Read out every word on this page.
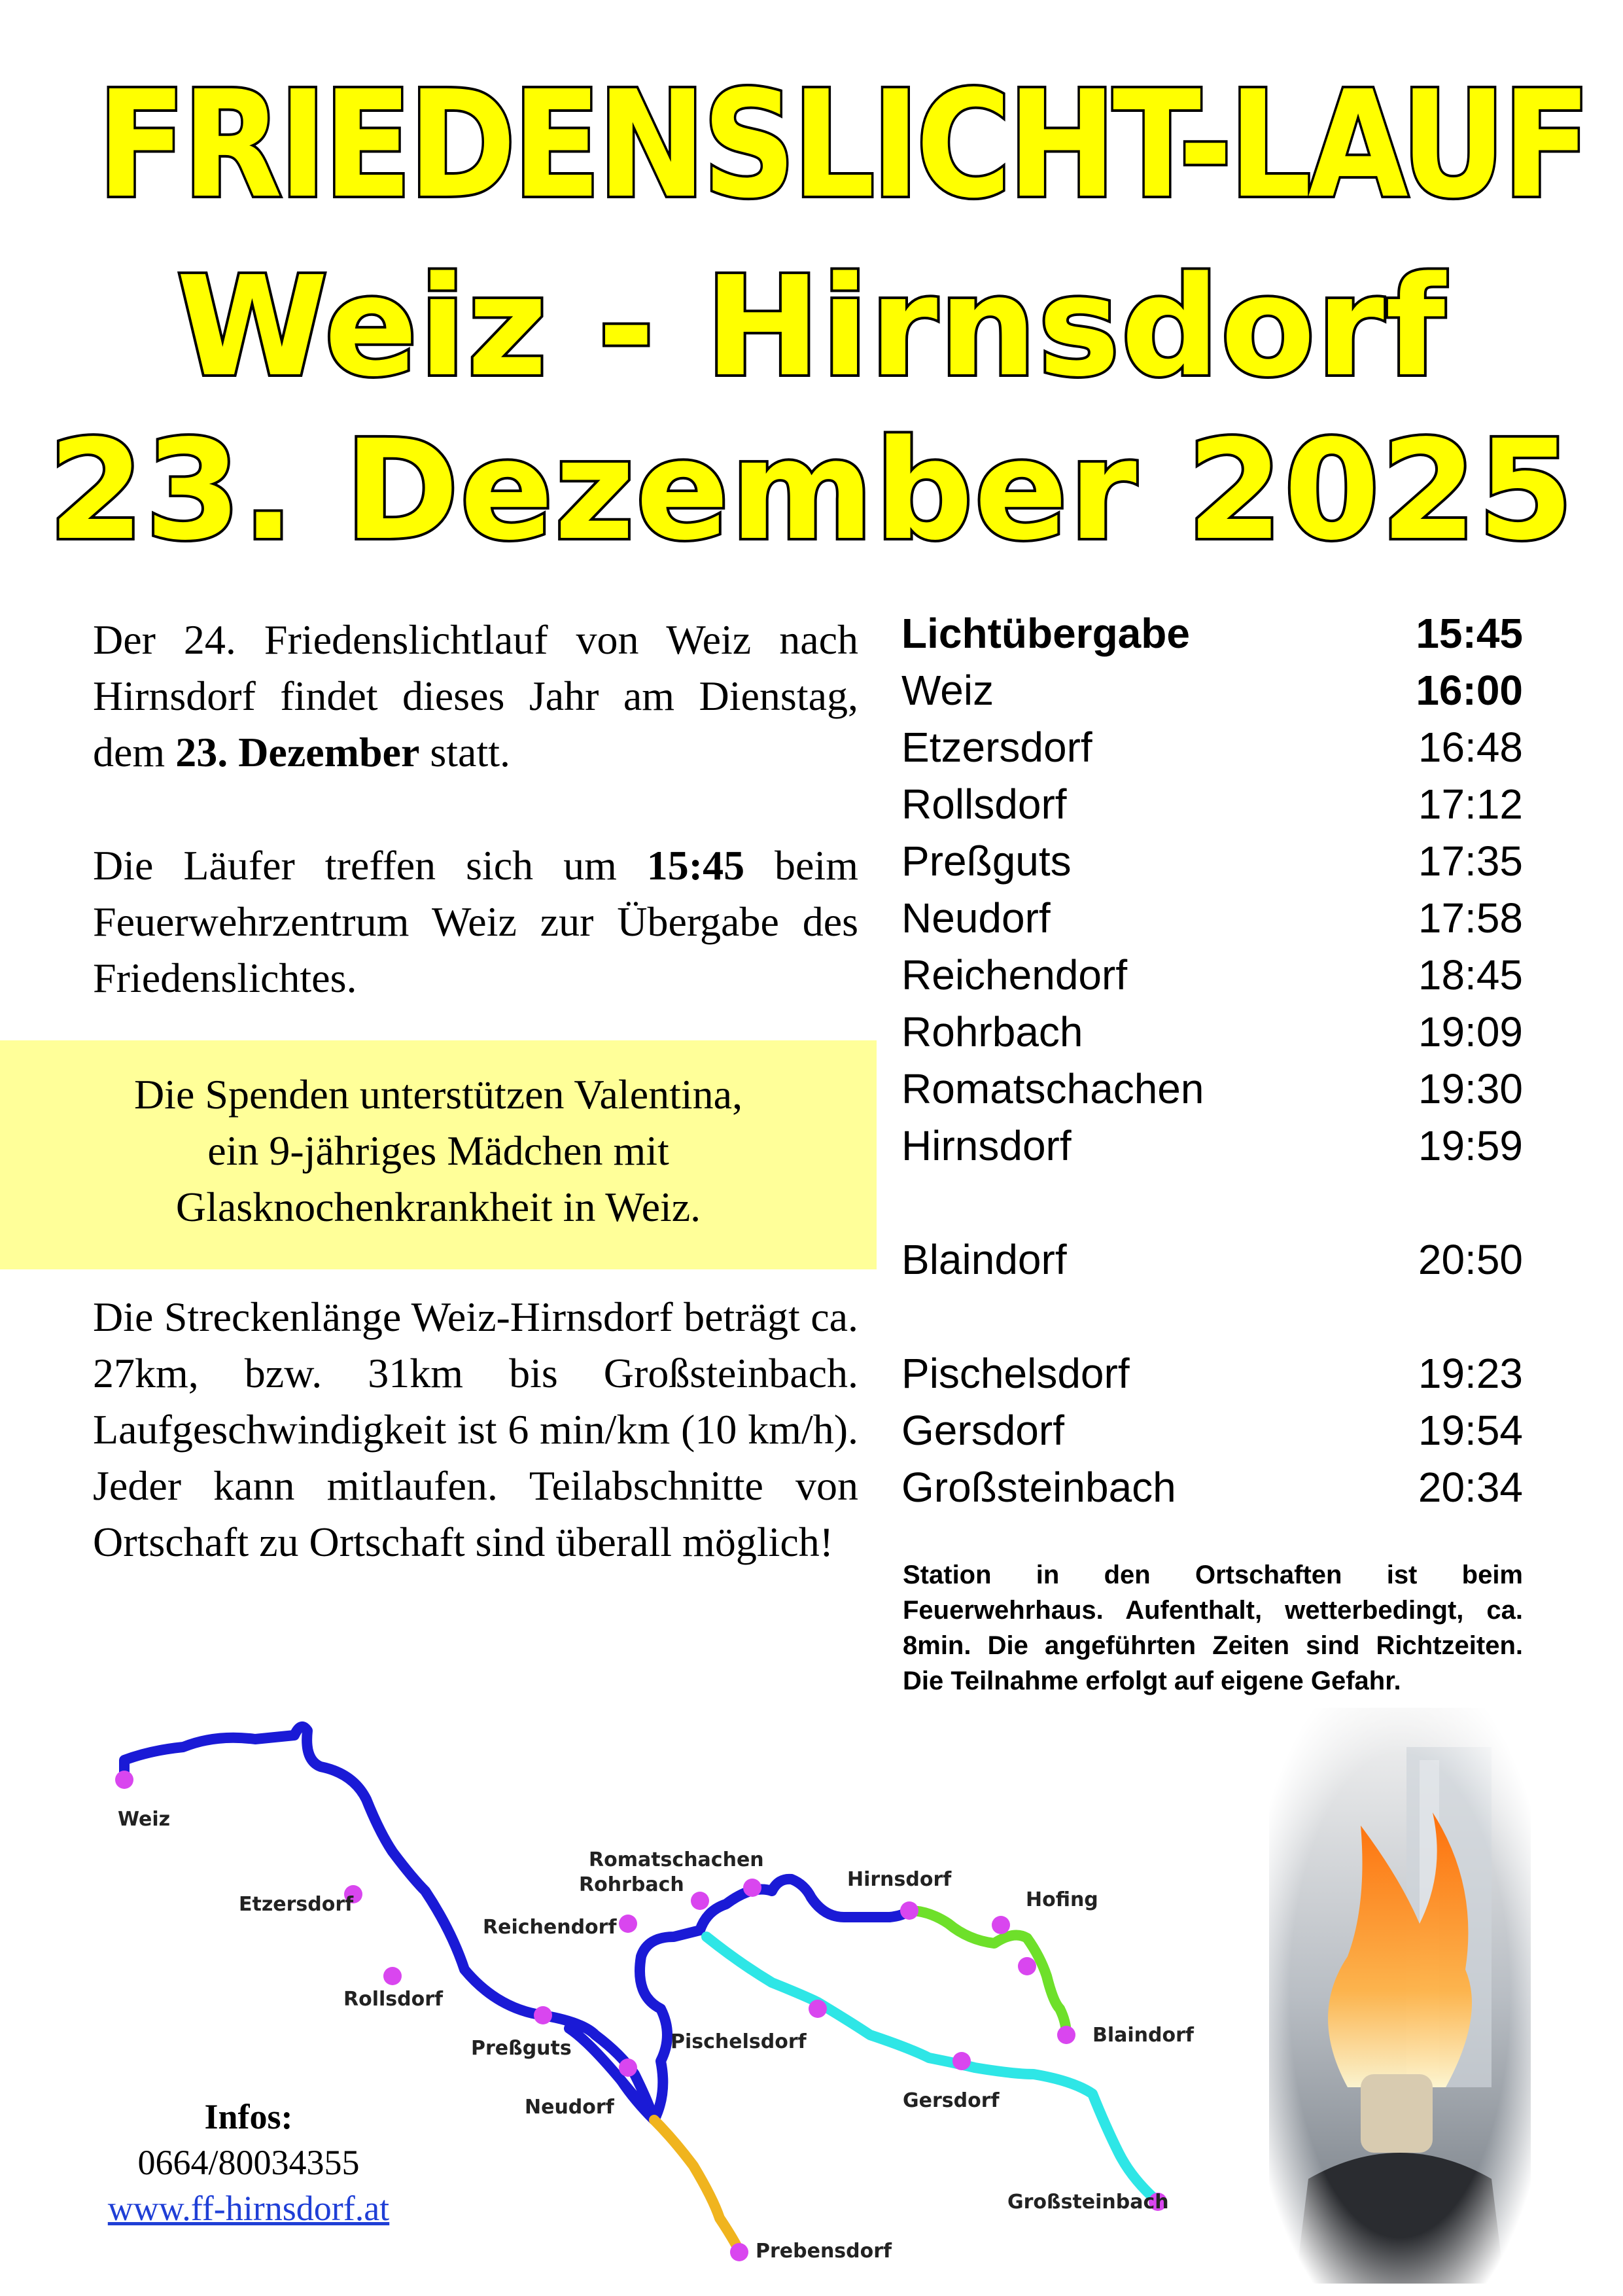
FRIEDENSLICHT-LAUF
Weiz - Hirnsdorf
23. Dezember 2025
Der 24. Friedenslichtlauf von Weiz nach Hirnsdorf findet dieses Jahr am Dienstag, dem 23. Dezember statt.
Die Läufer treffen sich um 15:45 beim Feuerwehrzentrum Weiz zur Übergabe des Friedenslichtes.
Die Spenden unterstützen Valentina,
ein 9-jähriges Mädchen mit
Glasknochenkrankheit in Weiz.
Die Streckenlänge Weiz-Hirnsdorf beträgt ca. 27km, bzw. 31km bis Großsteinbach. Laufgeschwindigkeit ist 6 min/km (10 km/h). Jeder kann mitlaufen. Teilabschnitte von Ortschaft zu Ortschaft sind überall möglich!
Lichtübergabe	15:45
Weiz	16:00
Etzersdorf	16:48
Rollsdorf	17:12
Preßguts	17:35
Neudorf	17:58
Reichendorf	18:45
Rohrbach	19:09
Romatschachen	19:30
Hirnsdorf	19:59
Blaindorf	20:50
Pischelsdorf	19:23
Gersdorf	19:54
Großsteinbach	20:34
Station in den Ortschaften ist beim Feuerwehrhaus. Aufenthalt, wetterbedingt, ca. 8min. Die angeführten Zeiten sind Richtzeiten. Die Teilnahme erfolgt auf eigene Gefahr.
Weiz
Etzersdorf
Rollsdorf
Preßguts
Neudorf
Prebensdorf
Reichendorf
Rohrbach
Romatschachen
Hirnsdorf
Hofing
Blaindorf
Pischelsdorf
Gersdorf
Großsteinbach
Infos:
0664/80034355
www.ff-hirnsdorf.at
